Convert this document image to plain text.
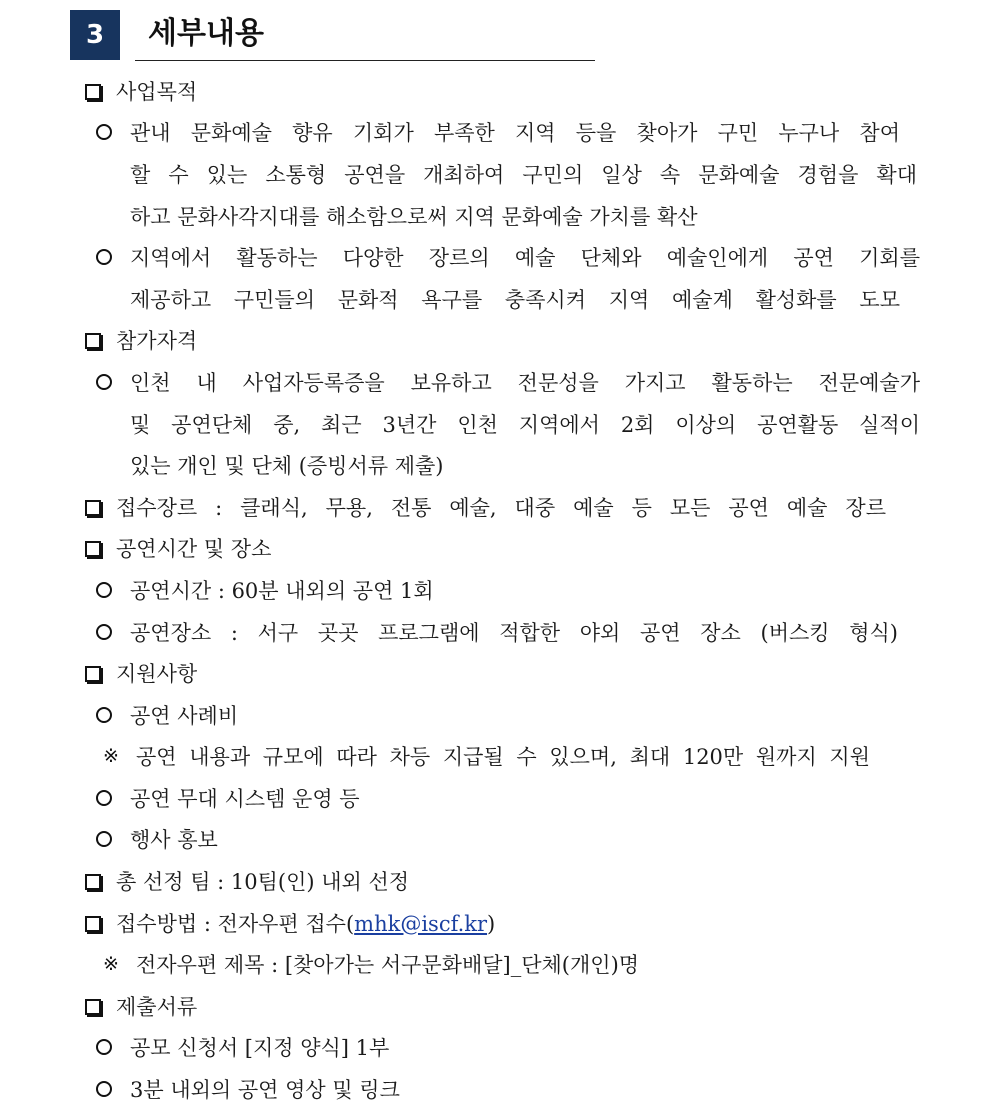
3	세부내용
사업목적
관내 문화예술 향유 기회가 부족한 지역 등을 찾아가 구민 누구나 참여
할 수 있는 소통형 공연을 개최하여 구민의 일상 속 문화예술 경험을 확대
하고 문화사각지대를 해소함으로써 지역 문화예술 가치를 확산
지역에서 활동하는 다양한 장르의 예술 단체와 예술인에게 공연 기회를
제공하고 구민들의 문화적 욕구를 충족시켜 지역 예술계 활성화를 도모
참가자격
인천 내 사업자등록증을 보유하고 전문성을 가지고 활동하는 전문예술가
및 공연단체 중, 최근 3년간 인천 지역에서 2회 이상의 공연활동 실적이
있는 개인 및 단체 (증빙서류 제출)
접수장르 : 클래식, 무용, 전통 예술, 대중 예술 등 모든 공연 예술 장르
공연시간 및 장소
공연시간 : 60분 내외의 공연 1회
공연장소 : 서구 곳곳 프로그램에 적합한 야외 공연 장소 (버스킹 형식)
지원사항
공연 사례비
※ 공연 내용과 규모에 따라 차등 지급될 수 있으며, 최대 120만 원까지 지원
공연 무대 시스템 운영 등
행사 홍보
총 선정 팀 : 10팀(인) 내외 선정
접수방법 : 전자우편 접수(mhk@iscf.kr)
※ 전자우편 제목 : [찾아가는 서구문화배달]_단체(개인)명
제출서류
공모 신청서 [지정 양식] 1부
3분 내외의 공연 영상 및 링크
